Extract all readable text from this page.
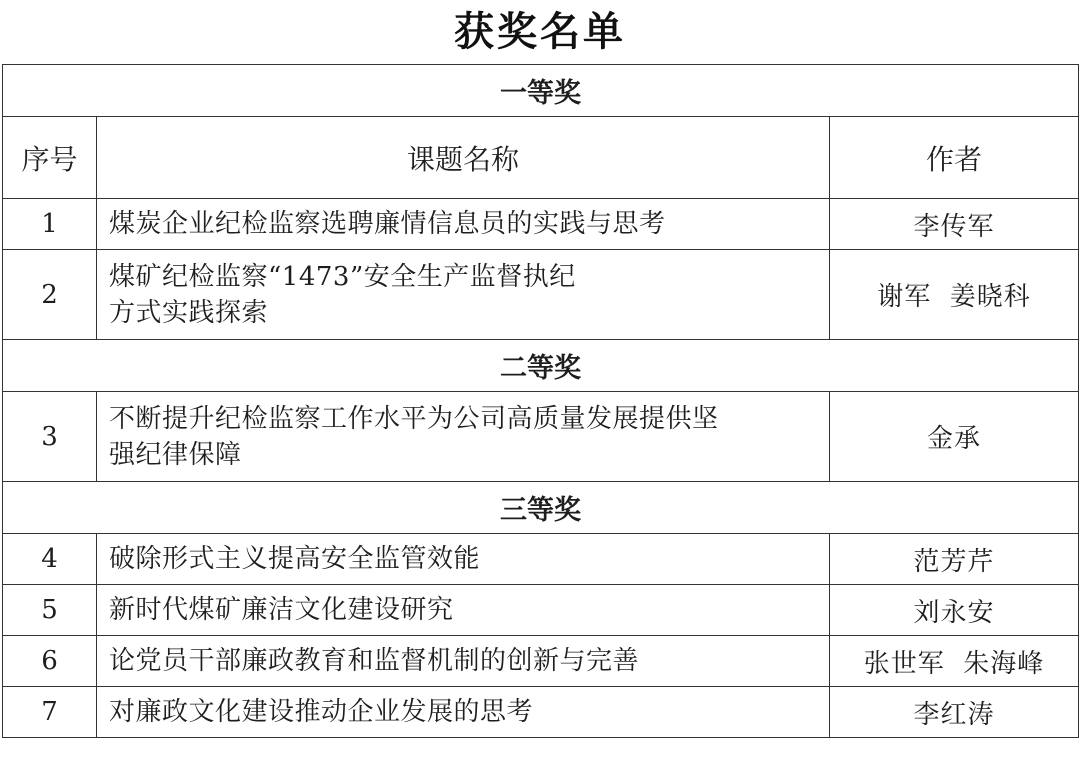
获奖名单
一等奖		
序号	课题名称	作者
1	煤炭企业纪检监察选聘廉情信息员的实践与思考	李传军
2	煤矿纪检监察“1473”安全生产监督执纪
方式实践探索	谢军  姜晓科
二等奖		
3	不断提升纪检监察工作水平为公司高质量发展提供坚
强纪律保障	金承
三等奖		
4	破除形式主义提高安全监管效能	范芳芹
5	新时代煤矿廉洁文化建设研究	刘永安
6	论党员干部廉政教育和监督机制的创新与完善	张世军  朱海峰
7	对廉政文化建设推动企业发展的思考	李红涛
